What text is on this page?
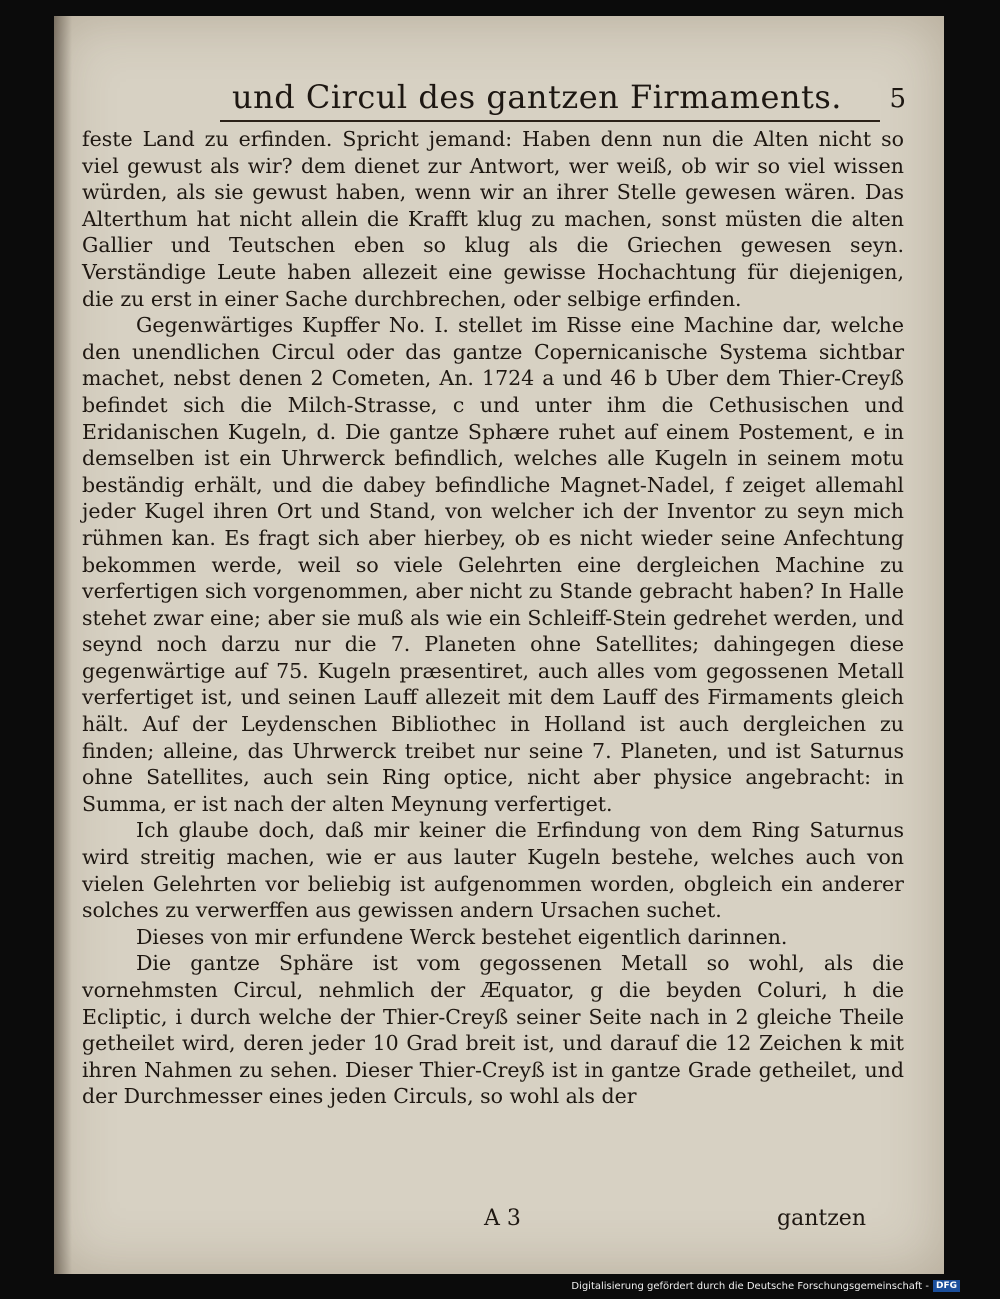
und Circul des gantzen Firmaments. 5

feste Land zu erfinden. Spricht jemand: Haben denn nun die Alten nicht so viel gewust als wir? dem dienet zur Antwort, wer weiß, ob wir so viel wissen würden, als sie gewust haben, wenn wir an ihrer Stelle gewesen wären. Das Alterthum hat nicht allein die Krafft klug zu machen, sonst müsten die alten Gallier und Teutschen eben so klug als die Griechen gewesen seyn. Verständige Leute haben allezeit eine gewisse Hochachtung für diejenigen, die zu erst in einer Sache durchbrechen, oder selbige erfinden.

Gegenwärtiges Kupffer No. I. stellet im Risse eine Machine dar, welche den unendlichen Circul oder das gantze Copernicanische Systema sichtbar machet, nebst denen 2 Cometen, An. 1724 a und 46 b Uber dem Thier-Creyß befindet sich die Milch-Strasse, c und unter ihm die Cethusischen und Eridanischen Kugeln, d. Die gantze Sphære ruhet auf einem Postement, e in demselben ist ein Uhrwerck befindlich, welches alle Kugeln in seinem motu beständig erhält, und die dabey befindliche Magnet-Nadel, f zeiget allemahl jeder Kugel ihren Ort und Stand, von welcher ich der Inventor zu seyn mich rühmen kan. Es fragt sich aber hierbey, ob es nicht wieder seine Anfechtung bekommen werde, weil so viele Gelehrten eine dergleichen Machine zu verfertigen sich vorgenommen, aber nicht zu Stande gebracht haben? In Halle stehet zwar eine; aber sie muß als wie ein Schleiff-Stein gedrehet werden, und seynd noch darzu nur die 7. Planeten ohne Satellites; dahingegen diese gegenwärtige auf 75. Kugeln præsentiret, auch alles vom gegossenen Metall verfertiget ist, und seinen Lauff allezeit mit dem Lauff des Firmaments gleich hält. Auf der Leydenschen Bibliothec in Holland ist auch dergleichen zu finden; alleine, das Uhrwerck treibet nur seine 7. Planeten, und ist Saturnus ohne Satellites, auch sein Ring optice, nicht aber physice angebracht: in Summa, er ist nach der alten Meynung verfertiget.

Ich glaube doch, daß mir keiner die Erfindung von dem Ring Saturnus wird streitig machen, wie er aus lauter Kugeln bestehe, welches auch von vielen Gelehrten vor beliebig ist aufgenommen worden, obgleich ein anderer solches zu verwerffen aus gewissen andern Ursachen suchet.

Dieses von mir erfundene Werck bestehet eigentlich darinnen.

Die gantze Sphäre ist vom gegossenen Metall so wohl, als die vornehmsten Circul, nehmlich der Æquator, g die beyden Coluri, h die Ecliptic, i durch welche der Thier-Creyß seiner Seite nach in 2 gleiche Theile getheilet wird, deren jeder 10 Grad breit ist, und darauf die 12 Zeichen k mit ihren Nahmen zu sehen. Dieser Thier-Creyß ist in gantze Grade getheilet, und der Durchmesser eines jeden Circuls, so wohl als der

A 3	gantzen
Digitalisierung gefördert durch die Deutsche Forschungsgemeinschaft - DFG
